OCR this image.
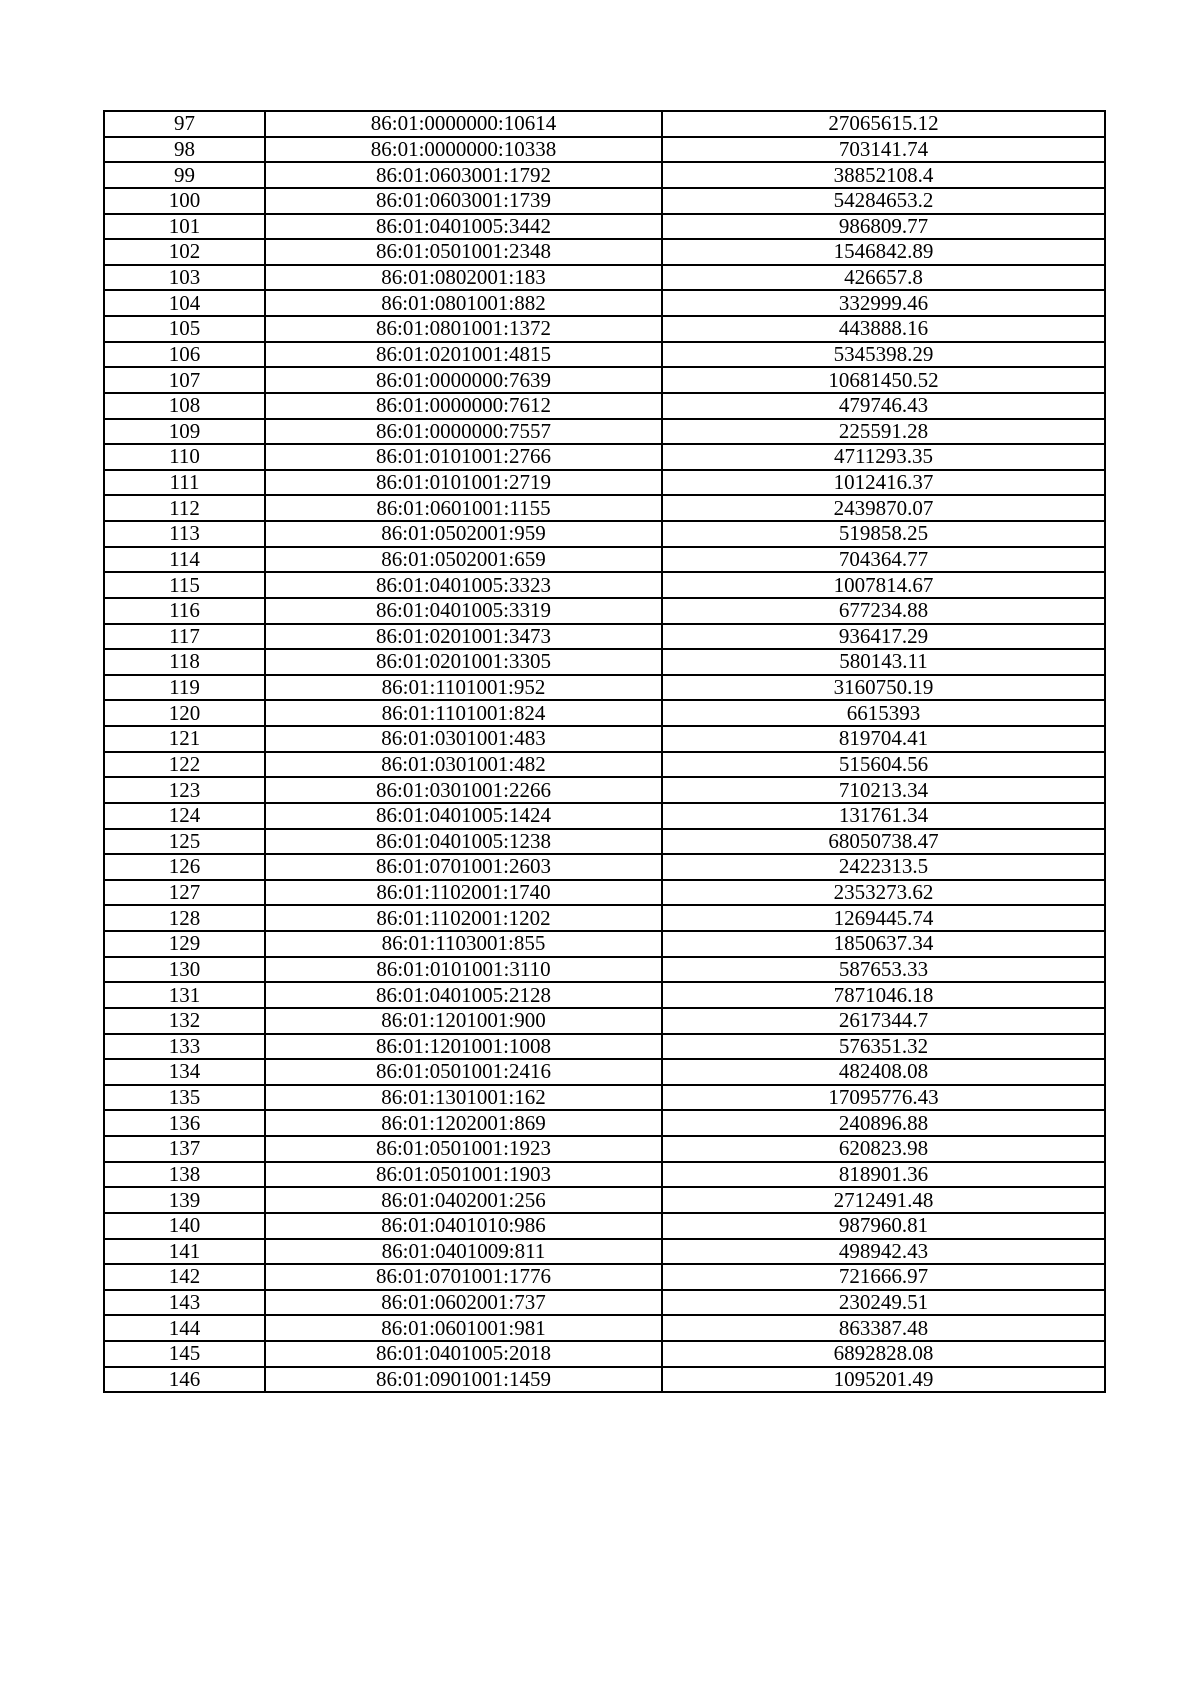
97	86:01:0000000:10614	27065615.12
98	86:01:0000000:10338	703141.74
99	86:01:0603001:1792	38852108.4
100	86:01:0603001:1739	54284653.2
101	86:01:0401005:3442	986809.77
102	86:01:0501001:2348	1546842.89
103	86:01:0802001:183	426657.8
104	86:01:0801001:882	332999.46
105	86:01:0801001:1372	443888.16
106	86:01:0201001:4815	5345398.29
107	86:01:0000000:7639	10681450.52
108	86:01:0000000:7612	479746.43
109	86:01:0000000:7557	225591.28
110	86:01:0101001:2766	4711293.35
111	86:01:0101001:2719	1012416.37
112	86:01:0601001:1155	2439870.07
113	86:01:0502001:959	519858.25
114	86:01:0502001:659	704364.77
115	86:01:0401005:3323	1007814.67
116	86:01:0401005:3319	677234.88
117	86:01:0201001:3473	936417.29
118	86:01:0201001:3305	580143.11
119	86:01:1101001:952	3160750.19
120	86:01:1101001:824	6615393
121	86:01:0301001:483	819704.41
122	86:01:0301001:482	515604.56
123	86:01:0301001:2266	710213.34
124	86:01:0401005:1424	131761.34
125	86:01:0401005:1238	68050738.47
126	86:01:0701001:2603	2422313.5
127	86:01:1102001:1740	2353273.62
128	86:01:1102001:1202	1269445.74
129	86:01:1103001:855	1850637.34
130	86:01:0101001:3110	587653.33
131	86:01:0401005:2128	7871046.18
132	86:01:1201001:900	2617344.7
133	86:01:1201001:1008	576351.32
134	86:01:0501001:2416	482408.08
135	86:01:1301001:162	17095776.43
136	86:01:1202001:869	240896.88
137	86:01:0501001:1923	620823.98
138	86:01:0501001:1903	818901.36
139	86:01:0402001:256	2712491.48
140	86:01:0401010:986	987960.81
141	86:01:0401009:811	498942.43
142	86:01:0701001:1776	721666.97
143	86:01:0602001:737	230249.51
144	86:01:0601001:981	863387.48
145	86:01:0401005:2018	6892828.08
146	86:01:0901001:1459	1095201.49
